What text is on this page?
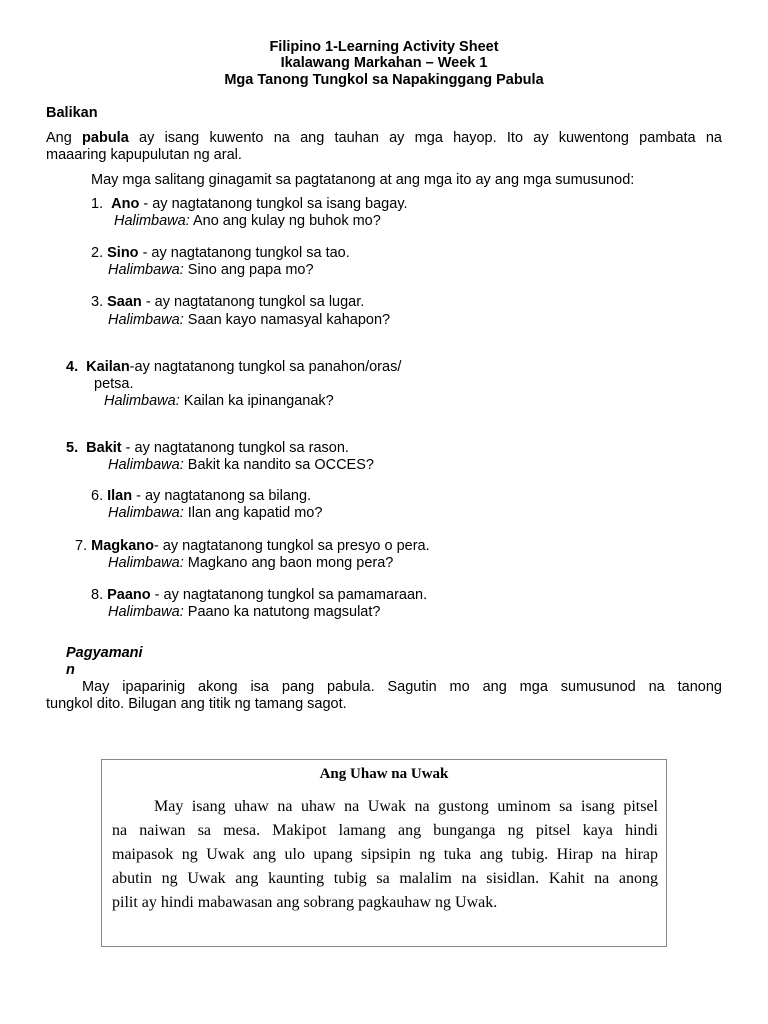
Filipino 1-Learning Activity Sheet
Ikalawang Markahan – Week 1
Mga Tanong Tungkol sa Napakinggang Pabula
Balikan
Ang pabula ay isang kuwento na ang tauhan ay mga hayop. Ito ay kuwentong pambata na
maaaring kapupulutan ng aral.
May mga salitang ginagamit sa pagtatanong at ang mga ito ay ang mga sumusunod:
1. Ano - ay nagtatanong tungkol sa isang bagay.
Halimbawa: Ano ang kulay ng buhok mo?
2. Sino - ay nagtatanong tungkol sa tao.
Halimbawa: Sino ang papa mo?
3. Saan - ay nagtatanong tungkol sa lugar.
Halimbawa: Saan kayo namasyal kahapon?
4. Kailan-ay nagtatanong tungkol sa panahon/oras/
petsa.
Halimbawa: Kailan ka ipinanganak?
5. Bakit - ay nagtatanong tungkol sa rason.
Halimbawa: Bakit ka nandito sa OCCES?
6. Ilan - ay nagtatanong sa bilang.
Halimbawa: Ilan ang kapatid mo?
7. Magkano- ay nagtatanong tungkol sa presyo o pera.
Halimbawa: Magkano ang baon mong pera?
8. Paano - ay nagtatanong tungkol sa pamamaraan.
Halimbawa: Paano ka natutong magsulat?
Pagyamani
n
May ipaparinig akong isa pang pabula. Sagutin mo ang mga sumusunod na tanong
tungkol dito. Bilugan ang titik ng tamang sagot.
Ang Uhaw na Uwak
May isang uhaw na uhaw na Uwak na gustong uminom sa isang pitsel
na naiwan sa mesa. Makipot lamang ang bunganga ng pitsel kaya hindi
maipasok ng Uwak ang ulo upang sipsipin ng tuka ang tubig. Hirap na hirap
abutin ng Uwak ang kaunting tubig sa malalim na sisidlan. Kahit na anong
pilit ay hindi mabawasan ang sobrang pagkauhaw ng Uwak.
